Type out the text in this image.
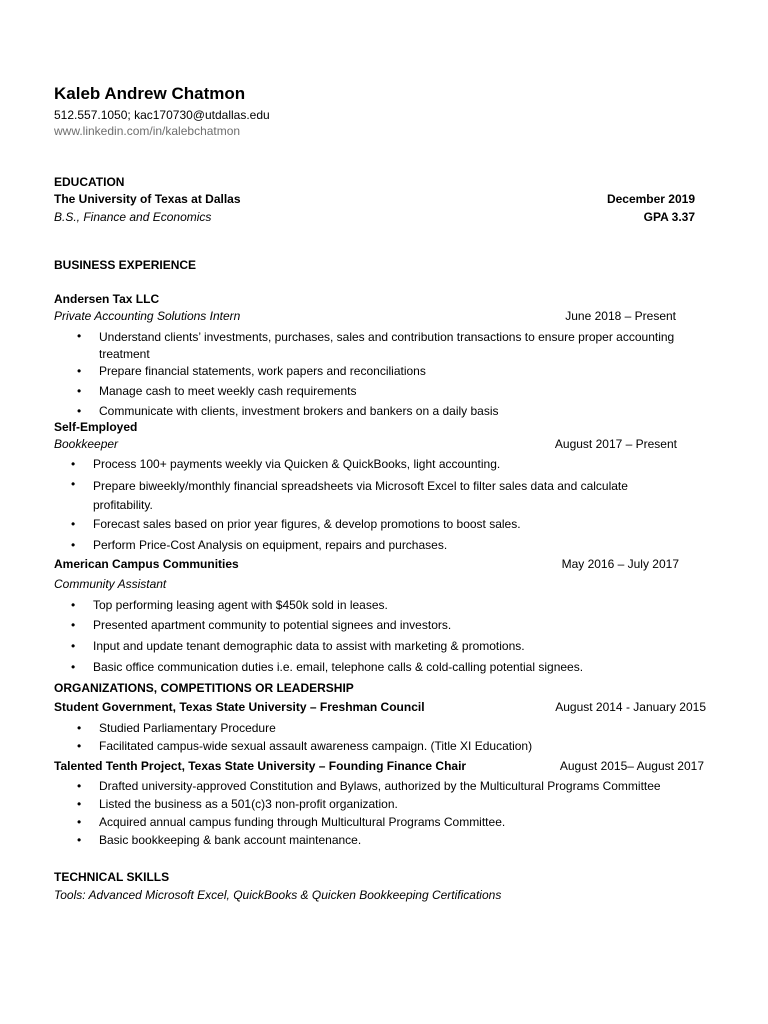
Kaleb Andrew Chatmon
512.557.1050; kac170730@utdallas.edu
www.linkedin.com/in/kalebchatmon
EDUCATION
The University of Texas at Dallas	December 2019
B.S., Finance and Economics	GPA 3.37
BUSINESS EXPERIENCE
Andersen Tax LLC
Private Accounting Solutions Intern	June 2018 – Present
• Understand clients’ investments, purchases, sales and contribution transactions to ensure proper accounting treatment
• Prepare financial statements, work papers and reconciliations
• Manage cash to meet weekly cash requirements
• Communicate with clients, investment brokers and bankers on a daily basis
Self-Employed
Bookkeeper	August 2017 – Present
• Process 100+ payments weekly via Quicken & QuickBooks, light accounting.
• Prepare biweekly/monthly financial spreadsheets via Microsoft Excel to filter sales data and calculate profitability.
• Forecast sales based on prior year figures, & develop promotions to boost sales.
• Perform Price-Cost Analysis on equipment, repairs and purchases.
American Campus Communities	May 2016 – July 2017
Community Assistant
• Top performing leasing agent with $450k sold in leases.
• Presented apartment community to potential signees and investors.
• Input and update tenant demographic data to assist with marketing & promotions.
• Basic office communication duties i.e. email, telephone calls & cold-calling potential signees.
ORGANIZATIONS, COMPETITIONS OR LEADERSHIP
Student Government, Texas State University – Freshman Council	August 2014 - January 2015
• Studied Parliamentary Procedure
• Facilitated campus-wide sexual assault awareness campaign. (Title XI Education)
Talented Tenth Project, Texas State University – Founding Finance Chair	August 2015– August 2017
• Drafted university-approved Constitution and Bylaws, authorized by the Multicultural Programs Committee
• Listed the business as a 501(c)3 non-profit organization.
• Acquired annual campus funding through Multicultural Programs Committee.
• Basic bookkeeping & bank account maintenance.
TECHNICAL SKILLS
Tools: Advanced Microsoft Excel, QuickBooks & Quicken Bookkeeping Certifications
